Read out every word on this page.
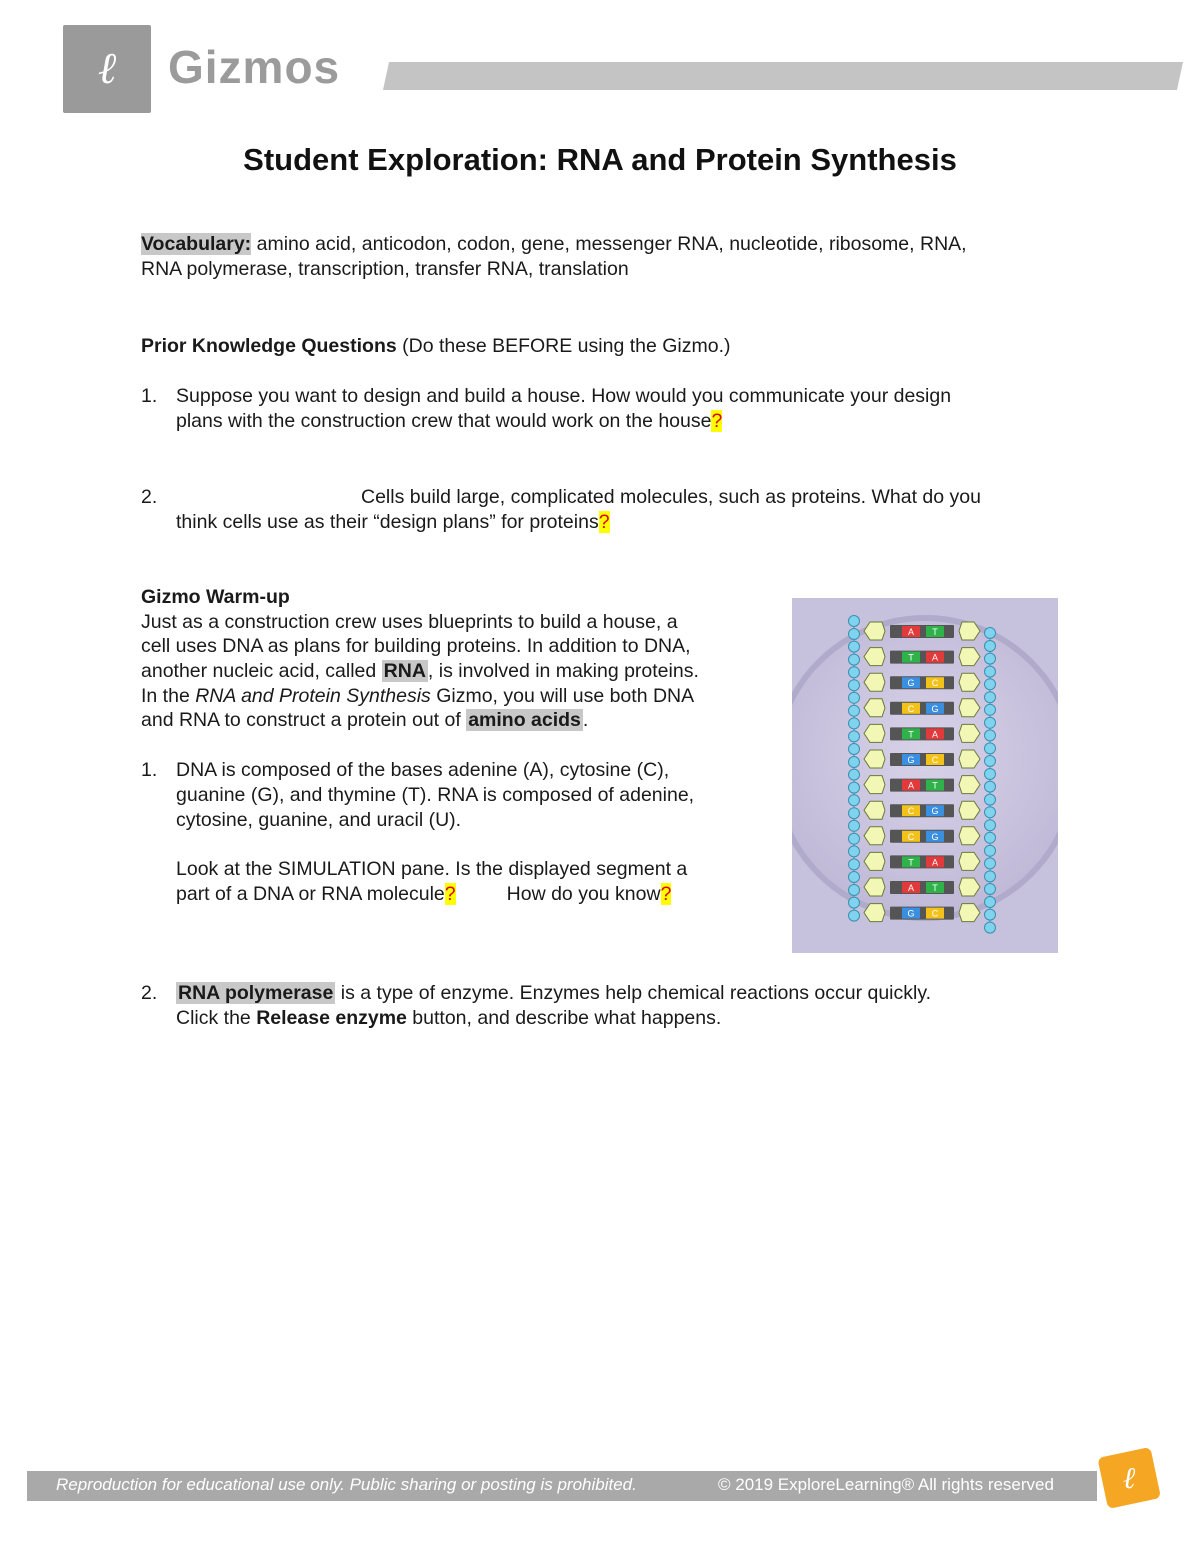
ℓ	Gizmos
Student Exploration: RNA and Protein Synthesis
Vocabulary: amino acid, anticodon, codon, gene, messenger RNA, nucleotide, ribosome, RNA,
RNA polymerase, transcription, transfer RNA, translation
Prior Knowledge Questions (Do these BEFORE using the Gizmo.)
1. Suppose you want to design and build a house. How would you communicate your design
plans with the construction crew that would work on the house?
2.	Cells build large, complicated molecules, such as proteins. What do you
think cells use as their “design plans” for proteins?
Gizmo Warm-up
Just as a construction crew uses blueprints to build a house, a
cell uses DNA as plans for building proteins. In addition to DNA,
another nucleic acid, called RNA , is involved in making proteins.
In the RNA and Protein Synthesis Gizmo, you will use both DNA
and RNA to construct a protein out of amino acids .
1. DNA is composed of the bases adenine (A), cytosine (C),
guanine (G), and thymine (T). RNA is composed of adenine,
cytosine, guanine, and uracil (U).
Look at the SIMULATION pane. Is the displayed segment a
part of a DNA or RNA molecule?	How do you know?
2. RNA polymerase is a type of enzyme. Enzymes help chemical reactions occur quickly.
Click the Release enzyme button, and describe what happens.
A T
T A
G C
C G
T A
G C
A T
C G
C G
T A
A T
G C
Reproduction for educational use only. Public sharing or posting is prohibited.	© 2019 ExploreLearning® All rights reserved ℓ
